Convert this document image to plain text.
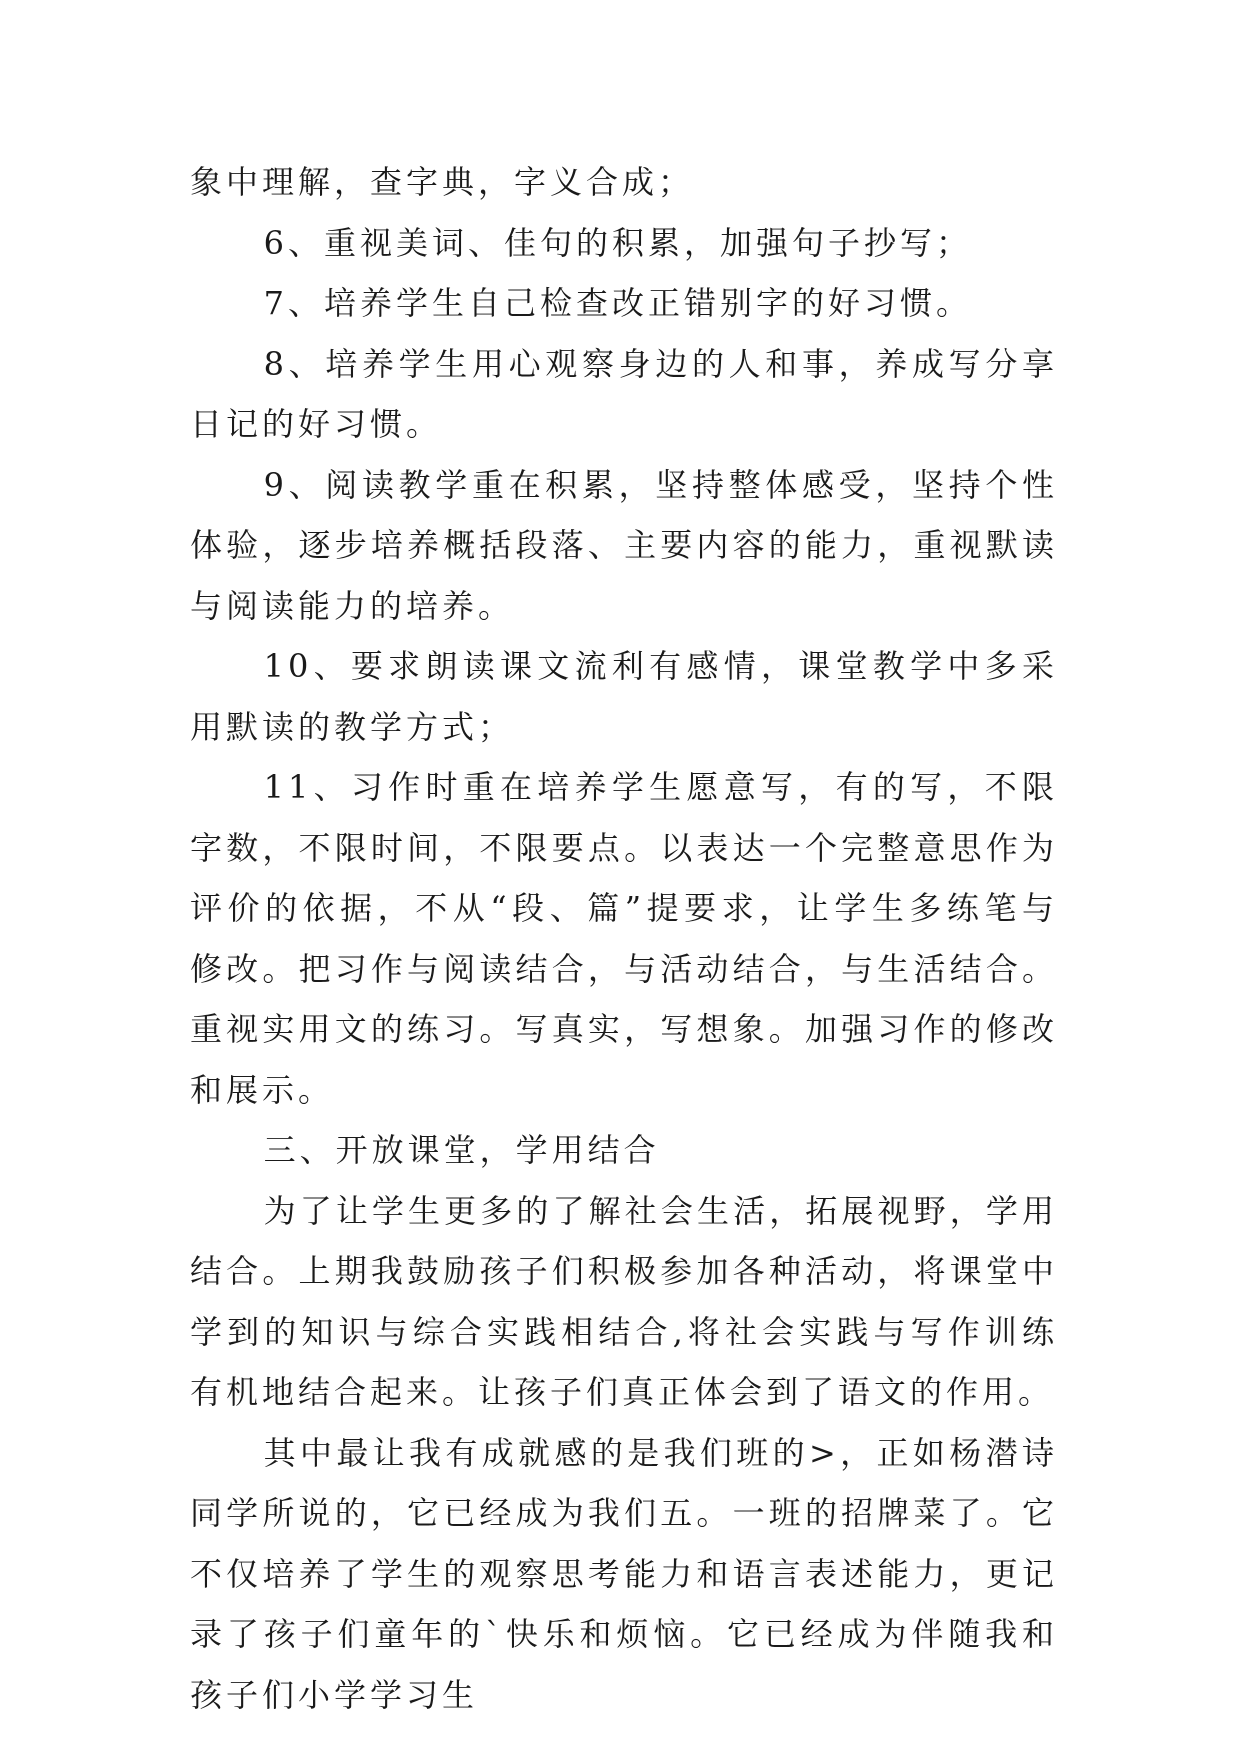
象中理解，查字典，字义合成；

6、重视美词、佳句的积累，加强句子抄写；

7、培养学生自己检查改正错别字的好习惯。

8、培养学生用心观察身边的人和事，养成写分享日记的好习惯。

9、阅读教学重在积累，坚持整体感受，坚持个性体验，逐步培养概括段落、主要内容的能力，重视默读与阅读能力的培养。

10、要求朗读课文流利有感情，课堂教学中多采用默读的教学方式；

11、习作时重在培养学生愿意写，有的写，不限字数，不限时间，不限要点。以表达一个完整意思作为评价的依据，不从“段、篇”提要求，让学生多练笔与修改。把习作与阅读结合，与活动结合，与生活结合。重视实用文的练习。写真实，写想象。加强习作的修改和展示。

三、开放课堂，学用结合

为了让学生更多的了解社会生活，拓展视野，学用结合。上期我鼓励孩子们积极参加各种活动，将课堂中学到的知识与综合实践相结合,将社会实践与写作训练有机地结合起来。让孩子们真正体会到了语文的作用。

其中最让我有成就感的是我们班的>，正如杨潜诗同学所说的，它已经成为我们五。一班的招牌菜了。它不仅培养了学生的观察思考能力和语言表述能力，更记录了孩子们童年的`快乐和烦恼。它已经成为伴随我和孩子们小学学习生
